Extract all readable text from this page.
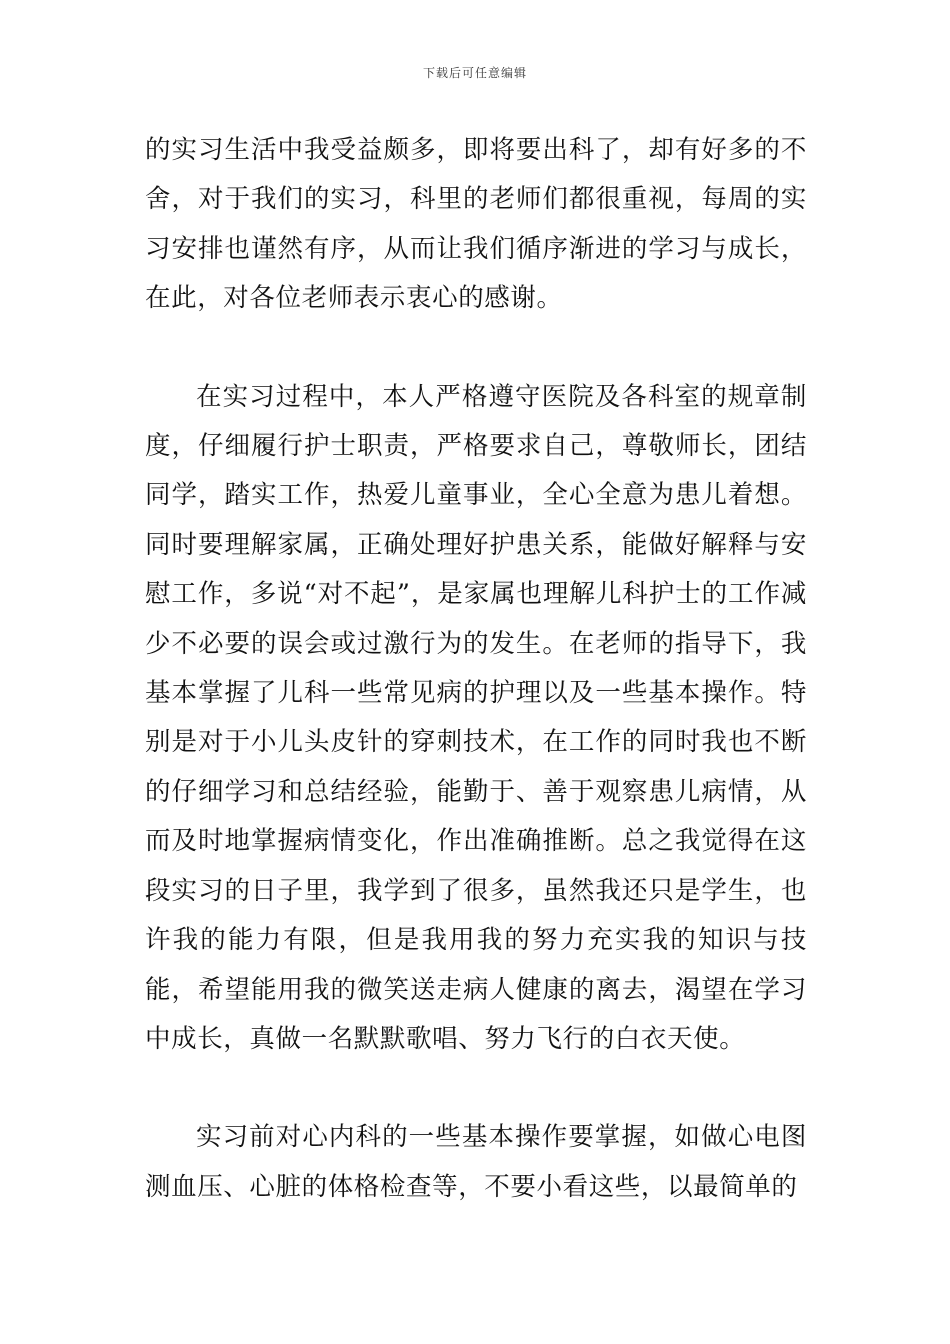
下载后可任意编辑

的实习生活中我受益颇多，即将要出科了，却有好多的不舍，对于我们的实习，科里的老师们都很重视，每周的实习安排也谨然有序，从而让我们循序渐进的学习与成长，在此，对各位老师表示衷心的感谢。

在实习过程中，本人严格遵守医院及各科室的规章制度，仔细履行护士职责，严格要求自己，尊敬师长，团结同学，踏实工作，热爱儿童事业，全心全意为患儿着想。同时要理解家属，正确处理好护患关系，能做好解释与安慰工作，多说“对不起”，是家属也理解儿科护士的工作减少不必要的误会或过激行为的发生。在老师的指导下，我基本掌握了儿科一些常见病的护理以及一些基本操作。特别是对于小儿头皮针的穿刺技术，在工作的同时我也不断的仔细学习和总结经验，能勤于、善于观察患儿病情，从而及时地掌握病情变化，作出准确推断。总之我觉得在这段实习的日子里，我学到了很多，虽然我还只是学生，也许我的能力有限，但是我用我的努力充实我的知识与技能，希望能用我的微笑送走病人健康的离去，渴望在学习中成长，真做一名默默歌唱、努力飞行的白衣天使。

实习前对心内科的一些基本操作要掌握，如做心电图测血压、心脏的体格检查等，不要小看这些，以最简单的
